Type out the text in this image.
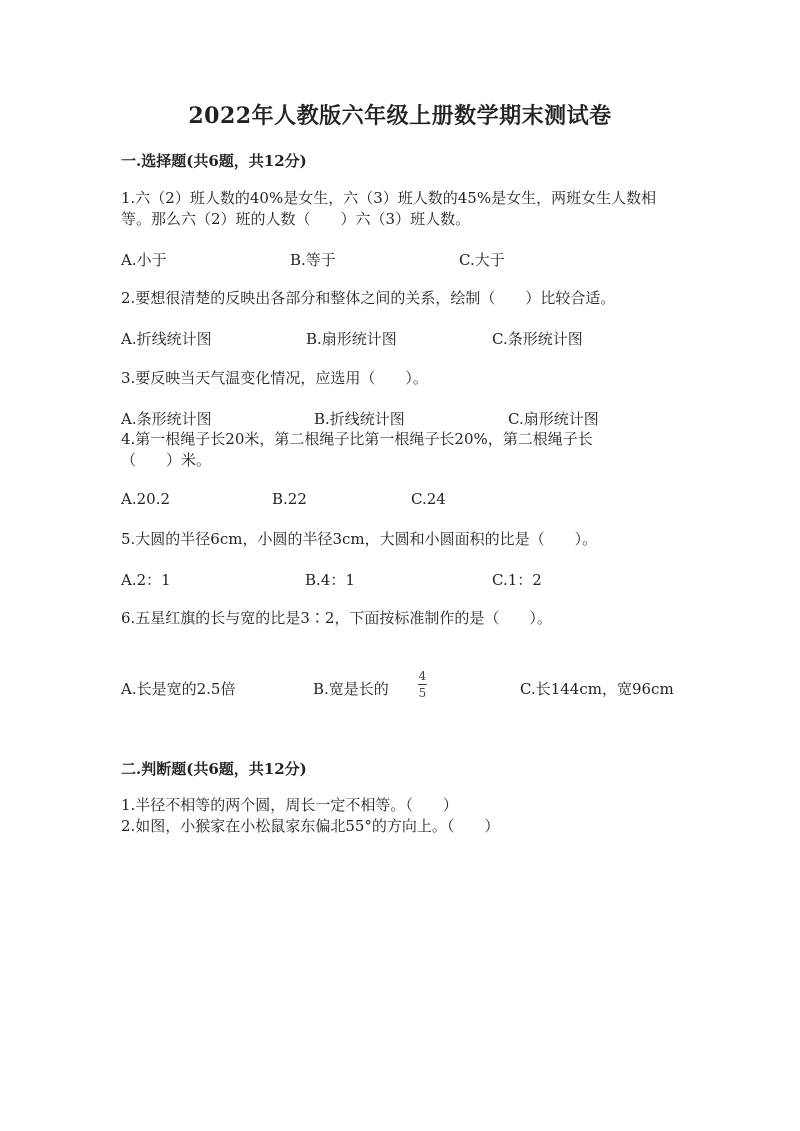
2022年人教版六年级上册数学期末测试卷
一.选择题(共6题，共12分)
1.六（2）班人数的40%是女生，六（3）班人数的45%是女生，两班女生人数相
等。那么六（2）班的人数（　　）六（3）班人数。
A.小于	B.等于	C.大于
2.要想很清楚的反映出各部分和整体之间的关系，绘制（　　）比较合适。
A.折线统计图	B.扇形统计图	C.条形统计图
3.要反映当天气温变化情况，应选用（　　）。
A.条形统计图	B.折线统计图	C.扇形统计图
4.第一根绳子长20米，第二根绳子比第一根绳子长20%，第二根绳子长
（　　）米。
A.20.2	B.22	C.24
5.大圆的半径6cm，小圆的半径3cm，大圆和小圆面积的比是（　　）。
A.2：1	B.4：1	C.1：2
6.五星红旗的长与宽的比是3∶2，下面按标准制作的是（　　）。
A.长是宽的2.5倍	B.宽是长的
4
5	C.长144cm，宽96cm
二.判断题(共6题，共12分)
1.半径不相等的两个圆，周长一定不相等。（　　）
2.如图，小猴家在小松鼠家东偏北55°的方向上。（　　）
